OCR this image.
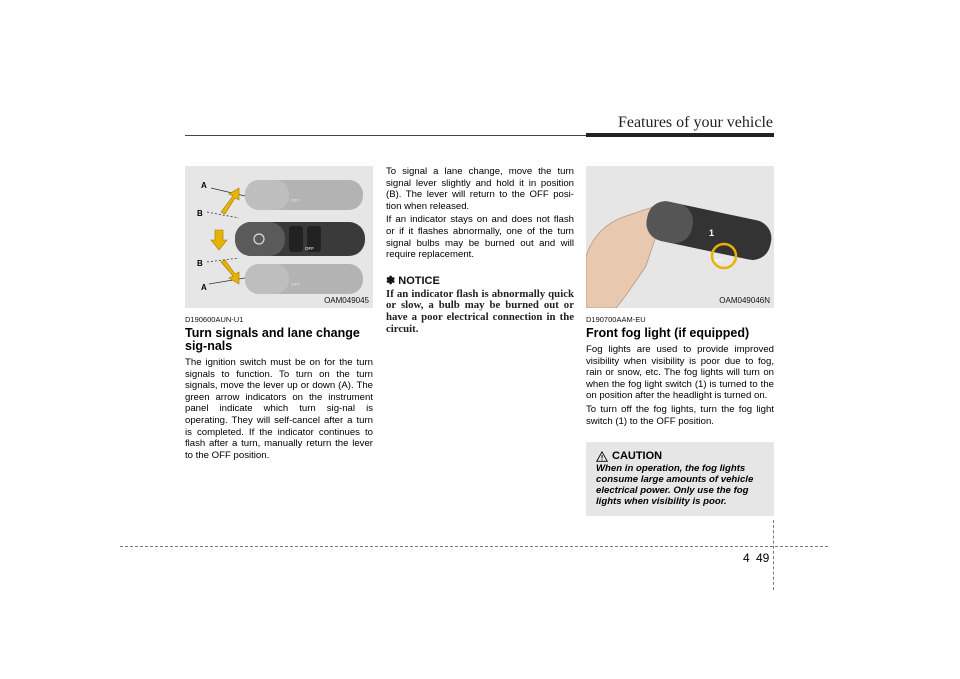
Features of your vehicle
A
B
B
A
OFF
OFF
OFF
OAM049045
1
OFF
OAM049046N

D190600AUN-U1

Turn signals and lane change sig-nals

The ignition switch must be on for the turn signals to function. To turn on the turn signals, move the lever up or down (A). The green arrow indicators on the instrument panel indicate which turn sig-nal is operating. They will self-cancel after a turn is completed. If the indicator continues to flash after a turn, manually return the lever to the OFF position.

To signal a lane change, move the turn signal lever slightly and hold it in position (B). The lever will return to the OFF posi-tion when released.

If an indicator stays on and does not flash or if it flashes abnormally, one of the turn signal bulbs may be burned out and will require replacement.

✽ NOTICE

If an indicator flash is abnormally quick or slow, a bulb may be burned out or have a poor electrical connection in the circuit.

D190700AAM-EU

Front fog light (if equipped)

Fog lights are used to provide improved visibility when visibility is poor due to fog, rain or snow, etc. The fog lights will turn on when the fog light switch (1) is turned to the on position after the headlight is turned on.

To turn off the fog lights, turn the fog light switch (1) to the OFF position.

CAUTION

When in operation, the fog lights consume large amounts of vehicle electrical power. Only use the fog lights when visibility is poor.

4 49
